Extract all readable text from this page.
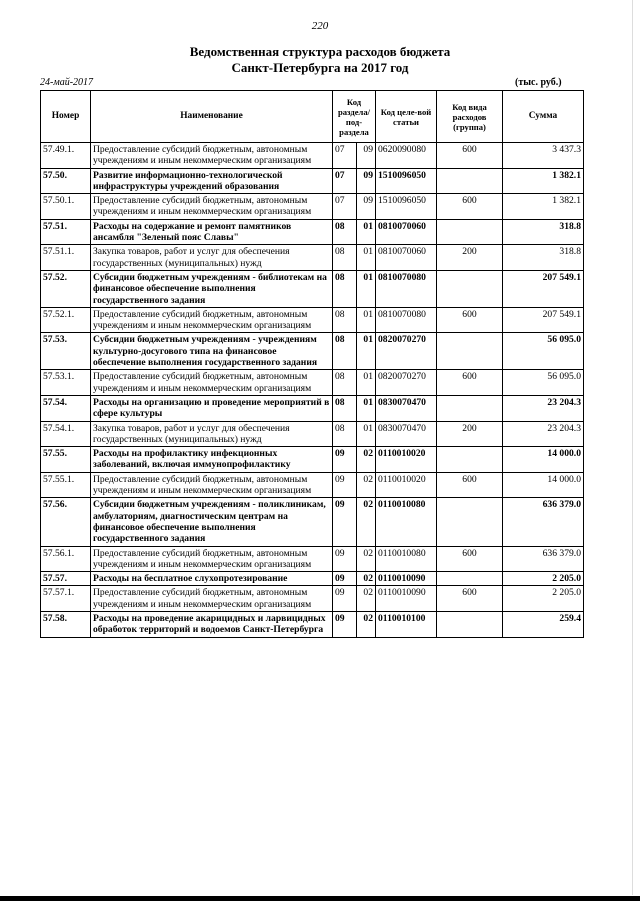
220
Ведомственная структура расходов бюджета
Санкт-Петербурга на 2017 год
24-май-2017	(тыс. руб.)
Номер	Наименование	Код раздела/ под-раздела		Код целе-вой статьи	Код вида расходов (группа)	Сумма
57.49.1.	Предоставление субсидий бюджетным, автономным учреждениям и иным некоммерческим организациям	07	09	0620090080	600	3 437.3
57.50.	Развитие информационно-технологической инфраструктуры учреждений образования	07	09	1510096050		1 382.1
57.50.1.	Предоставление субсидий бюджетным, автономным учреждениям и иным некоммерческим организациям	07	09	1510096050	600	1 382.1
57.51.	Расходы на содержание и ремонт памятников ансамбля "Зеленый пояс Славы"	08	01	0810070060		318.8
57.51.1.	Закупка товаров, работ и услуг для обеспечения государственных (муниципальных) нужд	08	01	0810070060	200	318.8
57.52.	Субсидии бюджетным учреждениям - библиотекам на финансовое обеспечение выполнения государственного задания	08	01	0810070080		207 549.1
57.52.1.	Предоставление субсидий бюджетным, автономным учреждениям и иным некоммерческим организациям	08	01	0810070080	600	207 549.1
57.53.	Субсидии бюджетным учреждениям - учреждениям культурно-досугового типа на финансовое обеспечение выполнения государственного задания	08	01	0820070270		56 095.0
57.53.1.	Предоставление субсидий бюджетным, автономным учреждениям и иным некоммерческим организациям	08	01	0820070270	600	56 095.0
57.54.	Расходы на организацию и проведение мероприятий в сфере культуры	08	01	0830070470		23 204.3
57.54.1.	Закупка товаров, работ и услуг для обеспечения государственных (муниципальных) нужд	08	01	0830070470	200	23 204.3
57.55.	Расходы на профилактику инфекционных заболеваний, включая иммунопрофилактику	09	02	0110010020		14 000.0
57.55.1.	Предоставление субсидий бюджетным, автономным учреждениям и иным некоммерческим организациям	09	02	0110010020	600	14 000.0
57.56.	Субсидии бюджетным учреждениям - поликлиникам, амбулаториям, диагностическим центрам на финансовое обеспечение выполнения государственного задания	09	02	0110010080		636 379.0
57.56.1.	Предоставление субсидий бюджетным, автономным учреждениям и иным некоммерческим организациям	09	02	0110010080	600	636 379.0
57.57.	Расходы на бесплатное слухопротезирование	09	02	0110010090		2 205.0
57.57.1.	Предоставление субсидий бюджетным, автономным учреждениям и иным некоммерческим организациям	09	02	0110010090	600	2 205.0
57.58.	Расходы на проведение акарицидных и ларвицидных обработок территорий и водоемов Санкт-Петербурга	09	02	0110010100		259.4
